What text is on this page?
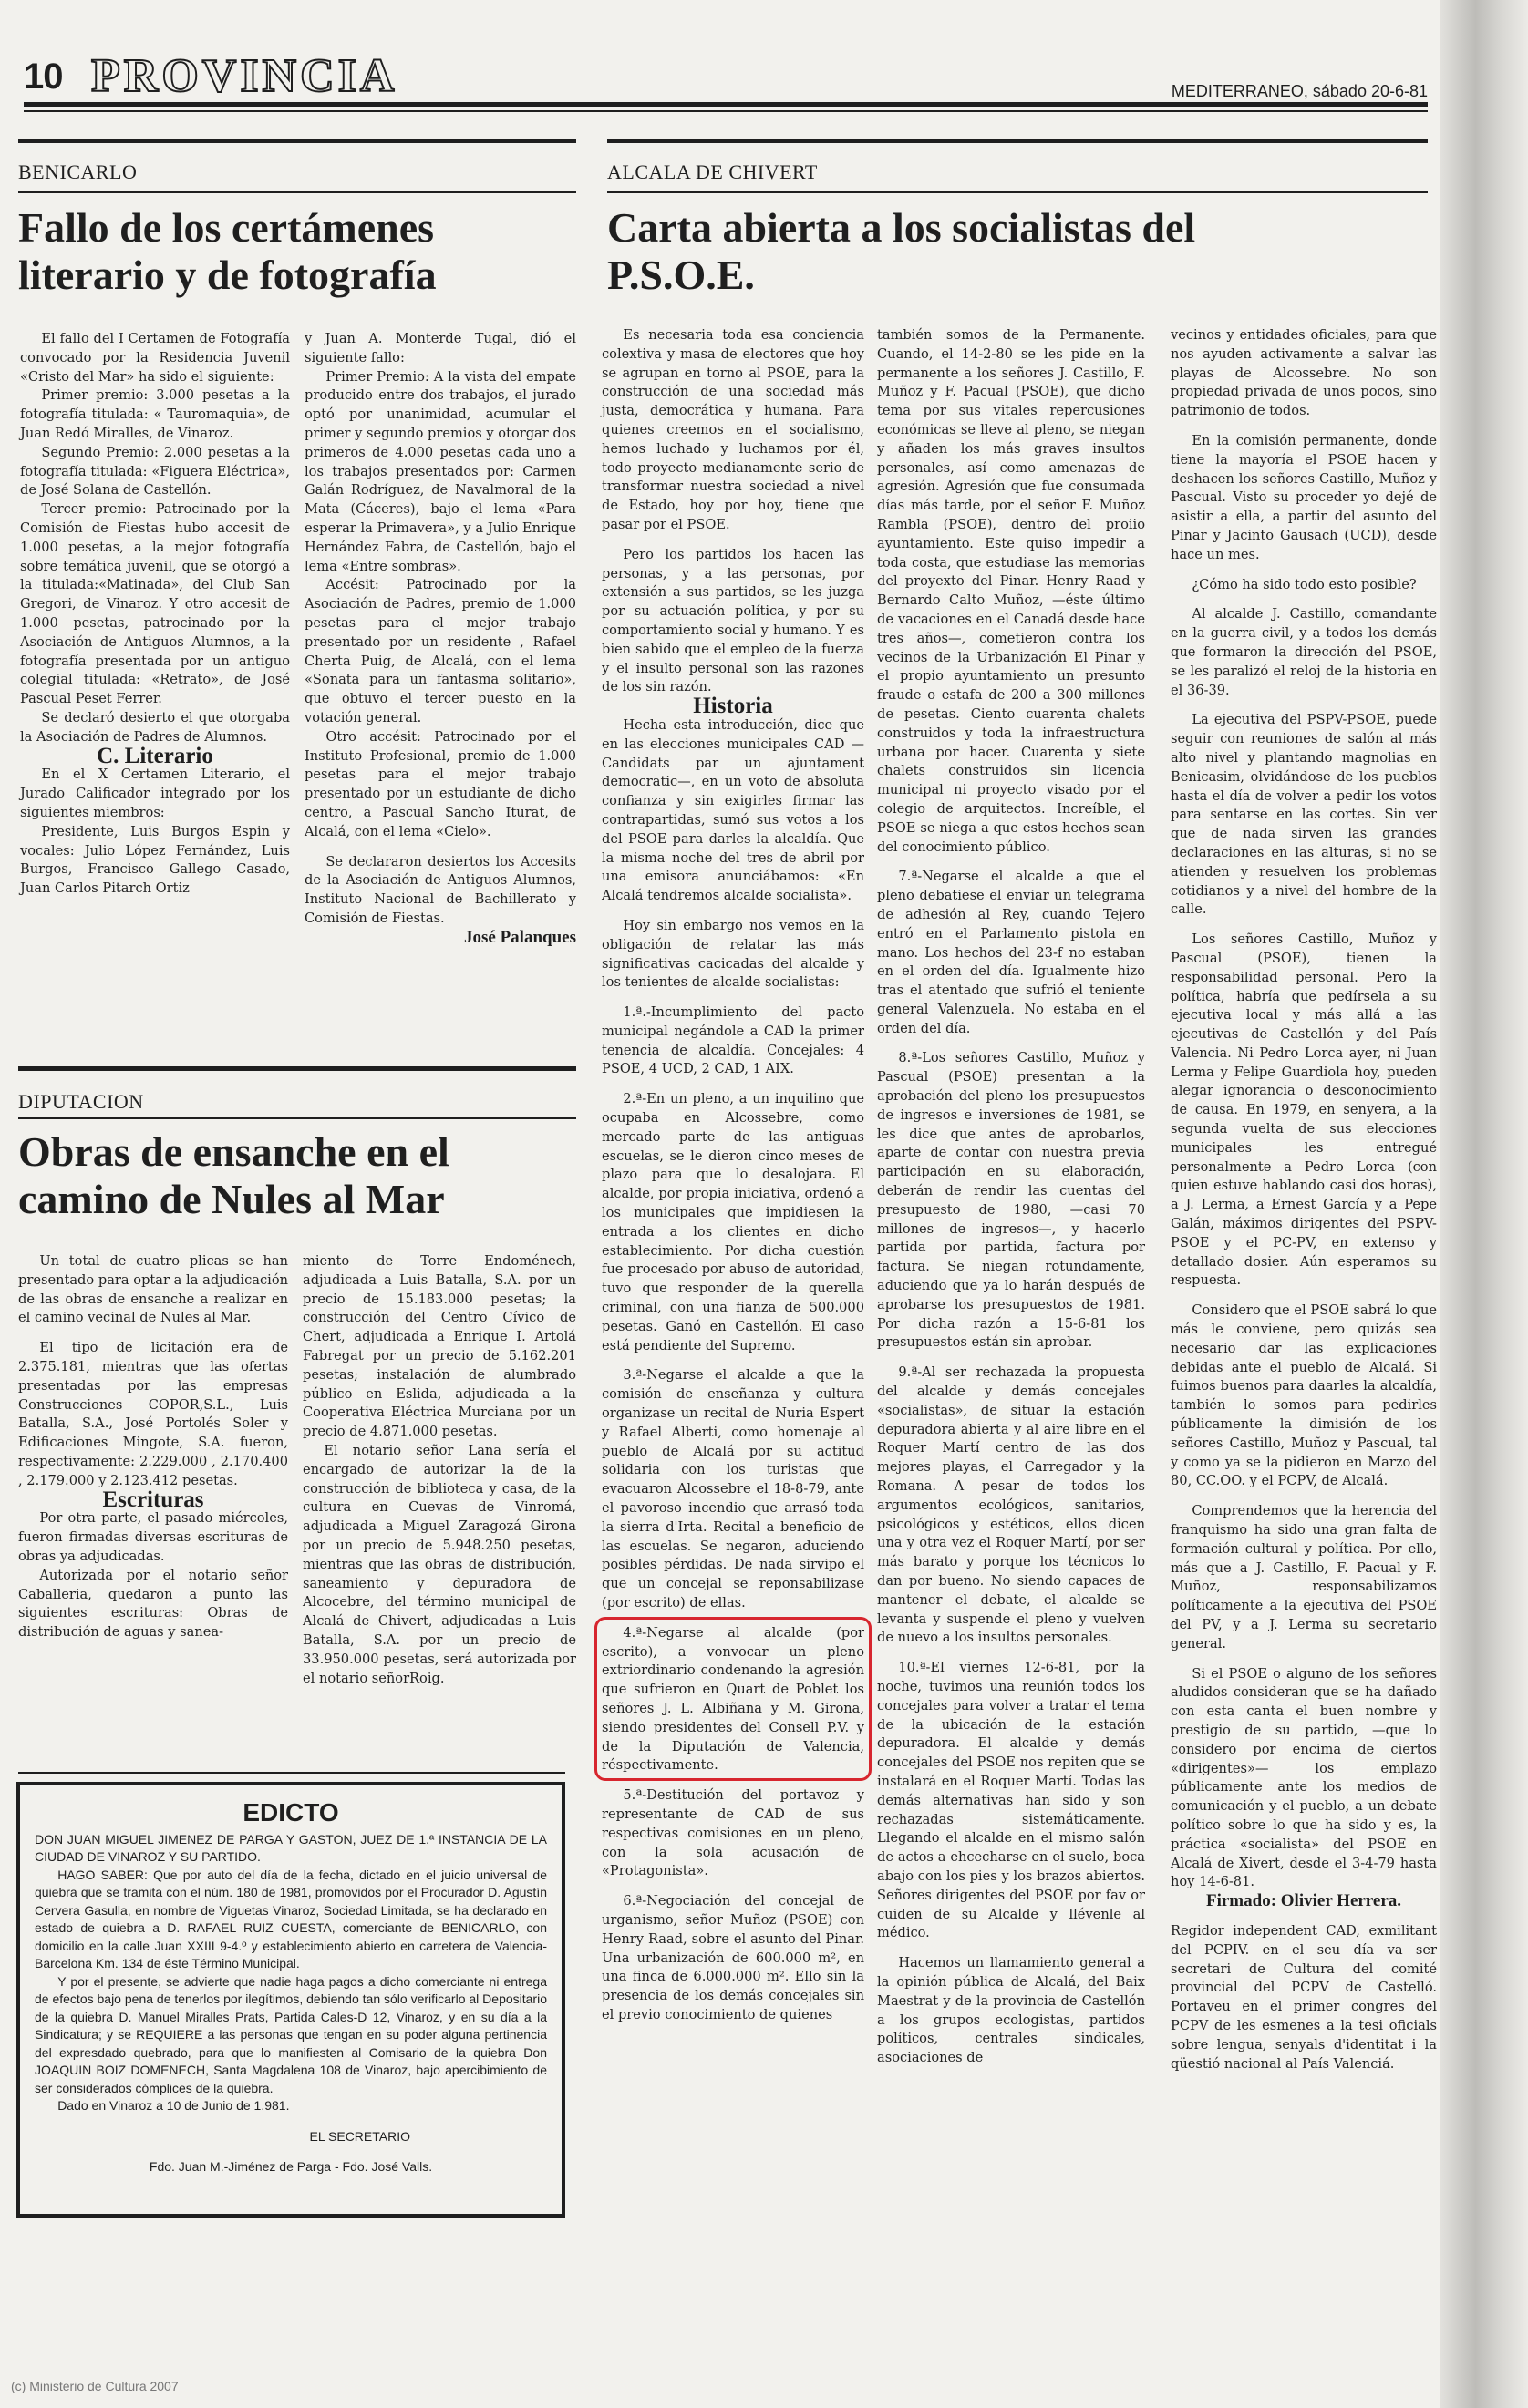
10 PROVINCIA	MEDITERRANEO, sábado 20-6-81
BENICARLO
Fallo de los certámenes literario y de fotografía

El fallo del I Certamen de Fotografía convocado por la Residencia Juvenil «Cristo del Mar» ha sido el siguiente:

Primer premio: 3.000 pesetas a la fotografía titulada: « Tauromaquia», de Juan Redó Miralles, de Vinaroz.

Segundo Premio: 2.000 pesetas a la fotografía titulada: «Figuera Eléctrica», de José Solana de Castellón.

Tercer premio: Patrocinado por la Comisión de Fiestas hubo accesit de 1.000 pesetas, a la mejor fotografía sobre temática juvenil, que se otorgó a la titulada:«Matinada», del Club San Gregori, de Vinaroz. Y otro accesit de 1.000 pesetas, patrocinado por la Asociación de Antiguos Alumnos, a la fotografía presentada por un antiguo colegial titulada: «Retrato», de José Pascual Peset Ferrer.

Se declaró desierto el que otorgaba la Asociación de Padres de Alumnos.

C. Literario

En el X Certamen Literario, el Jurado Calificador integrado por los siguientes miembros:

Presidente, Luis Burgos Espin y vocales: Julio López Fernández, Luis Burgos, Francisco Gallego Casado, Juan Carlos Pitarch Ortiz

y Juan A. Monterde Tugal, dió el siguiente fallo:

Primer Premio: A la vista del empate producido entre dos trabajos, el jurado optó por unanimidad, acumular el primer y segundo premios y otorgar dos primeros de 4.000 pesetas cada uno a los trabajos presentados por: Carmen Galán Rodríguez, de Navalmoral de la Mata (Cáceres), bajo el lema «Para esperar la Primavera», y a Julio Enrique Hernández Fabra, de Castellón, bajo el lema «Entre sombras».

Accésit: Patrocinado por la Asociación de Padres, premio de 1.000 pesetas para el mejor trabajo presentado por un residente , Rafael Cherta Puig, de Alcalá, con el lema «Sonata para un fantasma solitario», que obtuvo el tercer puesto en la votación general.

Otro accésit: Patrocinado por el Instituto Profesional, premio de 1.000 pesetas para el mejor trabajo presentado por un estudiante de dicho centro, a Pascual Sancho Iturat, de Alcalá, con el lema «Cielo».

Se declararon desiertos los Accesits de la Asociación de Antiguos Alumnos, Instituto Nacional de Bachillerato y Comisión de Fiestas.

José Palanques

DIPUTACION
Obras de ensanche en el camino de Nules al Mar

Un total de cuatro plicas se han presentado para optar a la adjudicación de las obras de ensanche a realizar en el camino vecinal de Nules al Mar.

El tipo de licitación era de 2.375.181, mientras que las ofertas presentadas por las empresas Construcciones COPOR,S.L., Luis Batalla, S.A., José Portolés Soler y Edificaciones Mingote, S.A. fueron, respectivamente: 2.229.000 , 2.170.400 , 2.179.000 y 2.123.412 pesetas.

Escrituras

Por otra parte, el pasado miércoles, fueron firmadas diversas escrituras de obras ya adjudicadas.

Autorizada por el notario señor Caballeria, quedaron a punto las siguientes escrituras: Obras de distribución de aguas y sanea-

miento de Torre Endoménech, adjudicada a Luis Batalla, S.A. por un precio de 15.183.000 pesetas; la construcción del Centro Cívico de Chert, adjudicada a Enrique I. Artolá Fabregat por un precio de 5.162.201 pesetas; instalación de alumbrado público en Eslida, adjudicada a la Cooperativa Eléctrica Murciana por un precio de 4.871.000 pesetas.

El notario señor Lana sería el encargado de autorizar la de la construcción de biblioteca y casa, de la cultura en Cuevas de Vinromá, adjudicada a Miguel Zaragozá Girona por un precio de 5.948.250 pesetas, mientras que las obras de distribución, saneamiento y depuradora de Alcocebre, del término municipal de Alcalá de Chivert, adjudicadas a Luis Batalla, S.A. por un precio de 33.950.000 pesetas, será autorizada por el notario señorRoig.

EDICTO

DON JUAN MIGUEL JIMENEZ DE PARGA Y GASTON, JUEZ DE 1.ª INSTANCIA DE LA CIUDAD DE VINAROZ Y SU PARTIDO.

HAGO SABER: Que por auto del día de la fecha, dictado en el juicio universal de quiebra que se tramita con el núm. 180 de 1981, promovidos por el Procurador D. Agustín Cervera Gasulla, en nombre de Viguetas Vinaroz, Sociedad Limitada, se ha declarado en estado de quiebra a D. RAFAEL RUIZ CUESTA, comerciante de BENICARLO, con domicilio en la calle Juan XXIII 9-4.º y establecimiento abierto en carretera de Valencia-Barcelona Km. 134 de éste Término Municipal.

Y por el presente, se advierte que nadie haga pagos a dicho comerciante ni entrega de efectos bajo pena de tenerlos por ilegítimos, debiendo tan sólo verificarlo al Depositario de la quiebra D. Manuel Miralles Prats, Partida Cales-D 12, Vinaroz, y en su día a la Sindicatura; y se REQUIERE a las personas que tengan en su poder alguna pertinencia del expresdado quebrado, para que lo manifiesten al Comisario de la quiebra Don JOAQUIN BOIZ DOMENECH, Santa Magdalena 108 de Vinaroz, bajo apercibimiento de ser considerados cómplices de la quiebra.

Dado en Vinaroz a 10 de Junio de 1.981.

EL SECRETARIO

Fdo. Juan M.-Jiménez de Parga - Fdo. José Valls.

ALCALA DE CHIVERT
Carta abierta a los socialistas del P.S.O.E.

Es necesaria toda esa conciencia colextiva y masa de electores que hoy se agrupan en torno al PSOE, para la construcción de una sociedad más justa, democrática y humana. Para quienes creemos en el socialismo, hemos luchado y luchamos por él, todo proyecto medianamente serio de transformar nuestra sociedad a nivel de Estado, hoy por hoy, tiene que pasar por el PSOE.

Pero los partidos los hacen las personas, y a las personas, por extensión a sus partidos, se les juzga por su actuación política, y por su comportamiento social y humano. Y es bien sabido que el empleo de la fuerza y el insulto personal son las razones de los sin razón.

Historia

Hecha esta introducción, dice que en las elecciones municipales CAD —Candidats par un ajuntament democratic—, en un voto de absoluta confianza y sin exigirles firmar las contrapartidas, sumó sus votos a los del PSOE para darles la alcaldía. Que la misma noche del tres de abril por una emisora anunciábamos: «En Alcalá tendremos alcalde socialista».

Hoy sin embargo nos vemos en la obligación de relatar las más significativas cacicadas del alcalde y los tenientes de alcalde socialistas:

1.ª.-Incumplimiento del pacto municipal negándole a CAD la primer tenencia de alcaldía. Concejales: 4 PSOE, 4 UCD, 2 CAD, 1 AIX.

2.ª-En un pleno, a un inquilino que ocupaba en Alcossebre, como mercado parte de las antiguas escuelas, se le dieron cinco meses de plazo para que lo desalojara. El alcalde, por propia iniciativa, ordenó a los municipales que impidiesen la entrada a los clientes en dicho establecimiento. Por dicha cuestión fue procesado por abuso de autoridad, tuvo que responder de la querella criminal, con una fianza de 500.000 pesetas. Ganó en Castellón. El caso está pendiente del Supremo.

3.ª-Negarse el alcalde a que la comisión de enseñanza y cultura organizase un recital de Nuria Espert y Rafael Alberti, como homenaje al pueblo de Alcalá por su actitud solidaria con los turistas que evacuaron Alcossebre el 18-8-79, ante el pavoroso incendio que arrasó toda la sierra d'Irta. Recital a beneficio de las escuelas. Se negaron, aduciendo posibles pérdidas. De nada sirvipo el que un concejal se reponsabilizase (por escrito) de ellas.

4.ª-Negarse al alcalde (por escrito), a vonvocar un pleno extriordinario condenando la agresión que sufrieron en Quart de Poblet los señores J. L. Albiñana y M. Girona, siendo presidentes del Consell P.V. y de la Diputación de Valencia, réspectivamente.

5.ª-Destitución del portavoz y representante de CAD de sus respectivas comisiones en un pleno, con la sola acusación de «Protagonista».

6.ª-Negociación del concejal de urganismo, señor Muñoz (PSOE) con Henry Raad, sobre el asunto del Pinar. Una urbanización de 600.000 m², en una finca de 6.000.000 m². Ello sin la presencia de los demás concejales sin el previo conocimiento de quienes

también somos de la Permanente. Cuando, el 14-2-80 se les pide en la permanente a los señores J. Castillo, F. Muñoz y F. Pacual (PSOE), que dicho tema por sus vitales repercusiones económicas se lleve al pleno, se niegan y añaden los más graves insultos personales, así como amenazas de agresión. Agresión que fue consumada días más tarde, por el señor F. Muñoz Rambla (PSOE), dentro del proiio ayuntamiento. Este quiso impedir a toda costa, que estudiase las memorias del proyexto del Pinar. Henry Raad y Bernardo Calto Muñoz, —éste último de vacaciones en el Canadá desde hace tres años—, cometieron contra los vecinos de la Urbanización El Pinar y el propio ayuntamiento un presunto fraude o estafa de 200 a 300 millones de pesetas. Ciento cuarenta chalets construidos y toda la infraestructura urbana por hacer. Cuarenta y siete chalets construidos sin licencia municipal ni proyecto visado por el colegio de arquitectos. Increíble, el PSOE se niega a que estos hechos sean del conocimiento público.

7.ª-Negarse el alcalde a que el pleno debatiese el enviar un telegrama de adhesión al Rey, cuando Tejero entró en el Parlamento pistola en mano. Los hechos del 23-f no estaban en el orden del día. Igualmente hizo tras el atentado que sufrió el teniente general Valenzuela. No estaba en el orden del día.

8.ª-Los señores Castillo, Muñoz y Pascual (PSOE) presentan a la aprobación del pleno los presupuestos de ingresos e inversiones de 1981, se les dice que antes de aprobarlos, aparte de contar con nuestra previa participación en su elaboración, deberán de rendir las cuentas del presupuesto de 1980, —casi 70 millones de ingresos—, y hacerlo partida por partida, factura por factura. Se niegan rotundamente, aduciendo que ya lo harán después de aprobarse los presupuestos de 1981. Por dicha razón a 15-6-81 los presupuestos están sin aprobar.

9.ª-Al ser rechazada la propuesta del alcalde y demás concejales «socialistas», de situar la estación depuradora abierta y al aire libre en el Roquer Martí centro de las dos mejores playas, el Carregador y la Romana. A pesar de todos los argumentos ecológicos, sanitarios, psicológicos y estéticos, ellos dicen una y otra vez el Roquer Martí, por ser más barato y porque los técnicos lo dan por bueno. No siendo capaces de mantener el debate, el alcalde se levanta y suspende el pleno y vuelven de nuevo a los insultos personales.

10.ª-El viernes 12-6-81, por la noche, tuvimos una reunión todos los concejales para volver a tratar el tema de la ubicación de la estación depuradora. El alcalde y demás concejales del PSOE nos repiten que se instalará en el Roquer Martí. Todas las demás alternativas han sido y son rechazadas sistemáticamente. Llegando el alcalde en el mismo salón de actos a ehcecharse en el suelo, boca abajo con los pies y los brazos abiertos. Señores dirigentes del PSOE por fav or cuiden de su Alcalde y llévenle al médico.

Hacemos un llamamiento general a la opinión pública de Alcalá, del Baix Maestrat y de la provincia de Castellón a los grupos ecologistas, partidos políticos, centrales sindicales, asociaciones de

vecinos y entidades oficiales, para que nos ayuden activamente a salvar las playas de Alcossebre. No son propiedad privada de unos pocos, sino patrimonio de todos.

En la comisión permanente, donde tiene la mayoría el PSOE hacen y deshacen los señores Castillo, Muñoz y Pascual. Visto su proceder yo dejé de asistir a ella, a partir del asunto del Pinar y Jacinto Gausach (UCD), desde hace un mes.

¿Cómo ha sido todo esto posible?

Al alcalde J. Castillo, comandante en la guerra civil, y a todos los demás que formaron la dirección del PSOE, se les paralizó el reloj de la historia en el 36-39.

La ejecutiva del PSPV-PSOE, puede seguir con reuniones de salón al más alto nivel y plantando magnolias en Benicasim, olvidándose de los pueblos hasta el día de volver a pedir los votos para sentarse en las cortes. Sin ver que de nada sirven las grandes declaraciones en las alturas, si no se atienden y resuelven los problemas cotidianos y a nivel del hombre de la calle.

Los señores Castillo, Muñoz y Pascual (PSOE), tienen la responsabilidad personal. Pero la política, habría que pedírsela a su ejecutiva local y más allá a las ejecutivas de Castellón y del País Valencia. Ni Pedro Lorca ayer, ni Juan Lerma y Felipe Guardiola hoy, pueden alegar ignorancia o desconocimiento de causa. En 1979, en senyera, a la segunda vuelta de sus elecciones municipales les entregué personalmente a Pedro Lorca (con quien estuve hablando casi dos horas), a J. Lerma, a Ernest García y a Pepe Galán, máximos dirigentes del PSPV-PSOE y el PC-PV, en extenso y detallado dosier. Aún esperamos su respuesta.

Considero que el PSOE sabrá lo que más le conviene, pero quizás sea necesario dar las explicaciones debidas ante el pueblo de Alcalá. Si fuimos buenos para daarles la alcaldía, también lo somos para pedirles públicamente la dimisión de los señores Castillo, Muñoz y Pascual, tal y como ya se la pidieron en Marzo del 80, CC.OO. y el PCPV, de Alcalá.

Comprendemos que la herencia del franquismo ha sido una gran falta de formación cultural y política. Por ello, más que a J. Castillo, F. Pacual y F. Muñoz, responsabilizamos políticamente a la ejecutiva del PSOE del PV, y a J. Lerma su secretario general.

Si el PSOE o alguno de los señores aludidos consideran que se ha dañado con esta canta el buen nombre y prestigio de su partido, —que lo considero por encima de ciertos «dirigentes»— los emplazo públicamente ante los medios de comunicación y el pueblo, a un debate político sobre lo que ha sido y es, la práctica «socialista» del PSOE en Alcalá de Xivert, desde el 3-4-79 hasta hoy 14-6-81.

Firmado: Olivier Herrera.

Regidor independent CAD, exmilitant del PCPIV. en el seu día va ser secretari de Cultura del comité provincial del PCPV de Castelló. Portaveu en el primer congres del PCPV de les esmenes a la tesi oficials sobre lengua, senyals d'identitat i la qüestió nacional al País Valenciá.

(c) Ministerio de Cultura 2007
